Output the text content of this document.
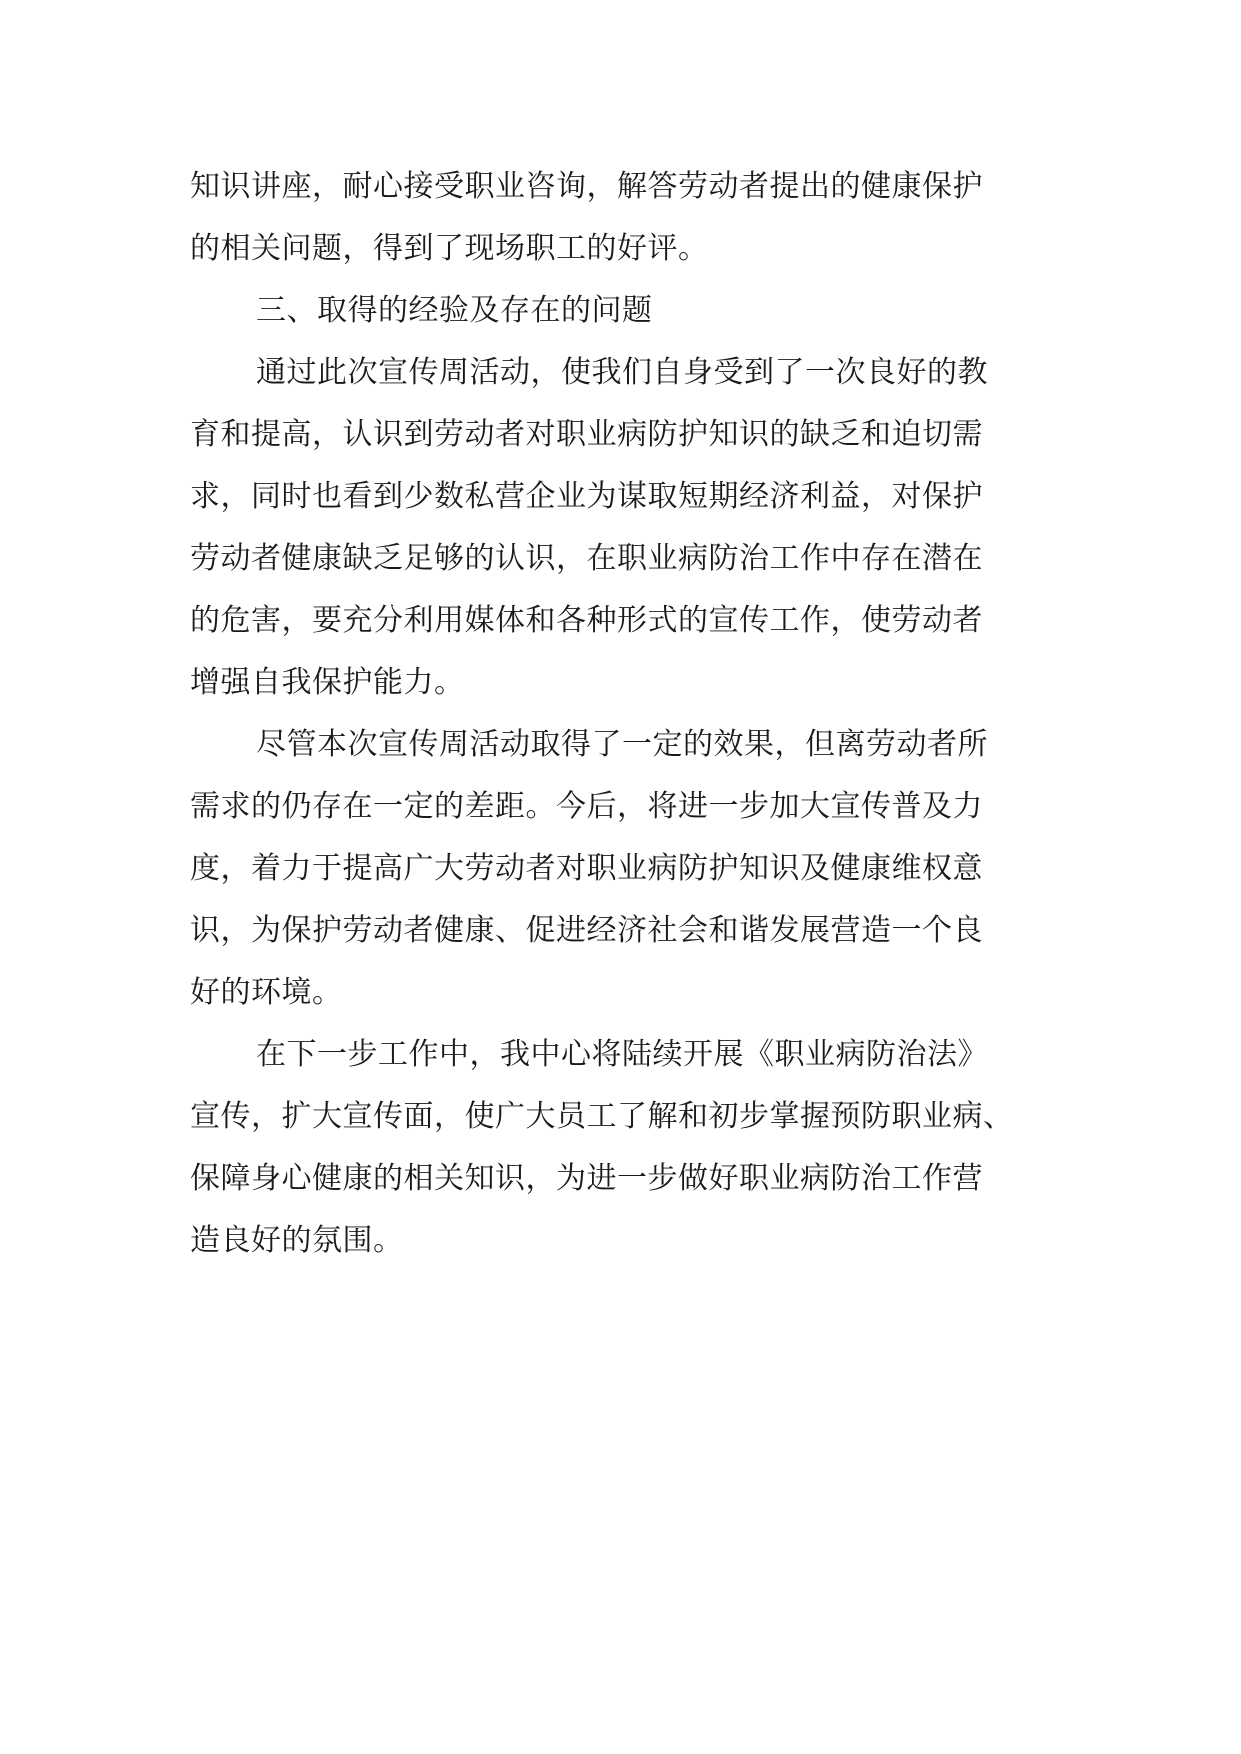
知识讲座，耐心接受职业咨询，解答劳动者提出的健康保护

的相关问题，得到了现场职工的好评。

三、取得的经验及存在的问题

通过此次宣传周活动，使我们自身受到了一次良好的教

育和提高，认识到劳动者对职业病防护知识的缺乏和迫切需

求，同时也看到少数私营企业为谋取短期经济利益，对保护

劳动者健康缺乏足够的认识，在职业病防治工作中存在潜在

的危害，要充分利用媒体和各种形式的宣传工作，使劳动者

增强自我保护能力。

尽管本次宣传周活动取得了一定的效果，但离劳动者所

需求的仍存在一定的差距。今后，将进一步加大宣传普及力

度，着力于提高广大劳动者对职业病防护知识及健康维权意

识，为保护劳动者健康、促进经济社会和谐发展营造一个良

好的环境。

在下一步工作中，我中心将陆续开展《职业病防治法》

宣传，扩大宣传面，使广大员工了解和初步掌握预防职业病、

保障身心健康的相关知识，为进一步做好职业病防治工作营

造良好的氛围。
